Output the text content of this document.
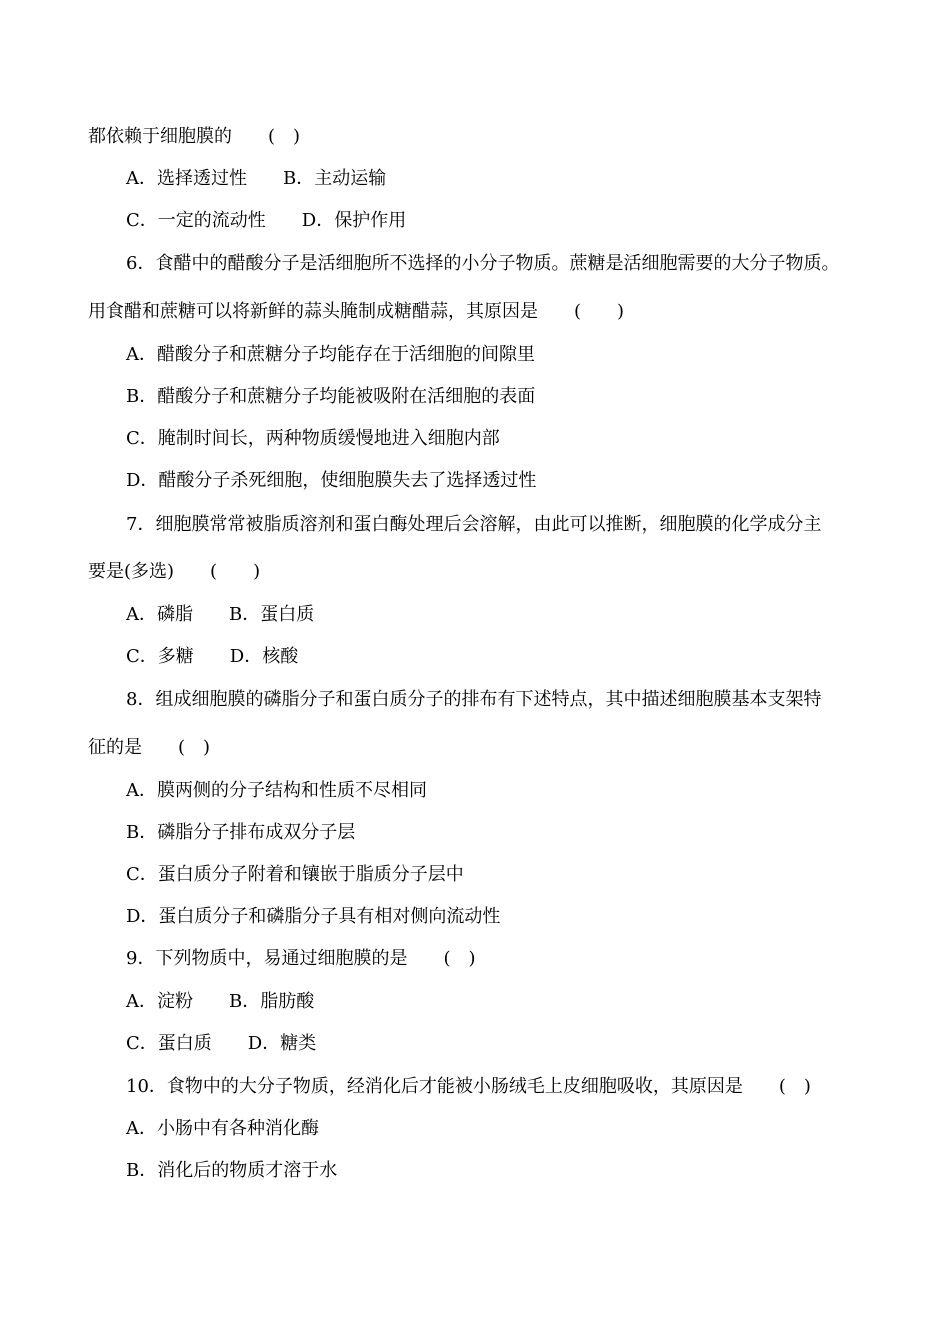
都依赖于细胞膜的　　(　)
A．选择透过性　　B．主动运输
C．一定的流动性　　D．保护作用
6．食醋中的醋酸分子是活细胞所不选择的小分子物质。蔗糖是活细胞需要的大分子物质。
用食醋和蔗糖可以将新鲜的蒜头腌制成糖醋蒜，其原因是　　(　　)
A．醋酸分子和蔗糖分子均能存在于活细胞的间隙里
B．醋酸分子和蔗糖分子均能被吸附在活细胞的表面
C．腌制时间长，两种物质缓慢地进入细胞内部
D．醋酸分子杀死细胞，使细胞膜失去了选择透过性
7．细胞膜常常被脂质溶剂和蛋白酶处理后会溶解，由此可以推断，细胞膜的化学成分主
要是(多选)　　(　　)
A．磷脂　　B．蛋白质
C．多糖　　D．核酸
8．组成细胞膜的磷脂分子和蛋白质分子的排布有下述特点，其中描述细胞膜基本支架特
征的是　　(　)
A．膜两侧的分子结构和性质不尽相同
B．磷脂分子排布成双分子层
C．蛋白质分子附着和镶嵌于脂质分子层中
D．蛋白质分子和磷脂分子具有相对侧向流动性
9．下列物质中，易通过细胞膜的是　　(　)
A．淀粉　　B．脂肪酸
C．蛋白质　　D．糖类
10．食物中的大分子物质，经消化后才能被小肠绒毛上皮细胞吸收，其原因是　　(　)
A．小肠中有各种消化酶
B．消化后的物质才溶于水
